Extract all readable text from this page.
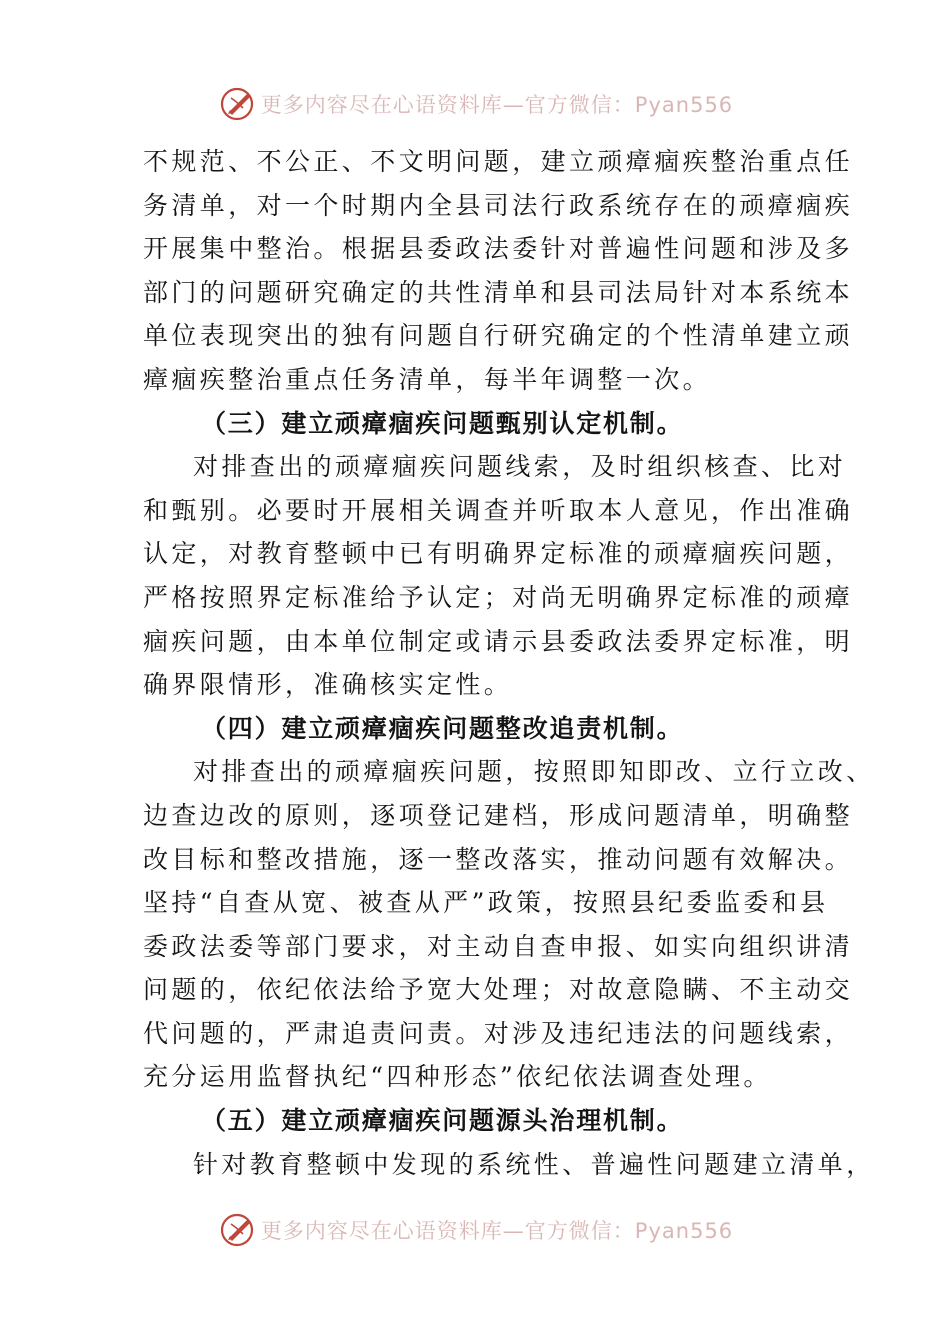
更多内容尽在心语资料库—官方微信：Pyan556
不规范、不公正、不文明问题，建立顽瘴痼疾整治重点任
务清单，对一个时期内全县司法行政系统存在的顽瘴痼疾
开展集中整治。根据县委政法委针对普遍性问题和涉及多
部门的问题研究确定的共性清单和县司法局针对本系统本
单位表现突出的独有问题自行研究确定的个性清单建立顽
瘴痼疾整治重点任务清单，每半年调整一次。
（三）建立顽瘴痼疾问题甄别认定机制。
对排查出的顽瘴痼疾问题线索，及时组织核查、比对
和甄别。必要时开展相关调查并听取本人意见，作出准确
认定，对教育整顿中已有明确界定标准的顽瘴痼疾问题，
严格按照界定标准给予认定；对尚无明确界定标准的顽瘴
痼疾问题，由本单位制定或请示县委政法委界定标准，明
确界限情形，准确核实定性。
（四）建立顽瘴痼疾问题整改追责机制。
对排查出的顽瘴痼疾问题，按照即知即改、立行立改、
边查边改的原则，逐项登记建档，形成问题清单，明确整
改目标和整改措施，逐一整改落实，推动问题有效解决。
坚持“自查从宽、被查从严”政策，按照县纪委监委和县
委政法委等部门要求，对主动自查申报、如实向组织讲清
问题的，依纪依法给予宽大处理；对故意隐瞒、不主动交
代问题的，严肃追责问责。对涉及违纪违法的问题线索，
充分运用监督执纪“四种形态”依纪依法调查处理。
（五）建立顽瘴痼疾问题源头治理机制。
针对教育整顿中发现的系统性、普遍性问题建立清单，
更多内容尽在心语资料库—官方微信：Pyan556
